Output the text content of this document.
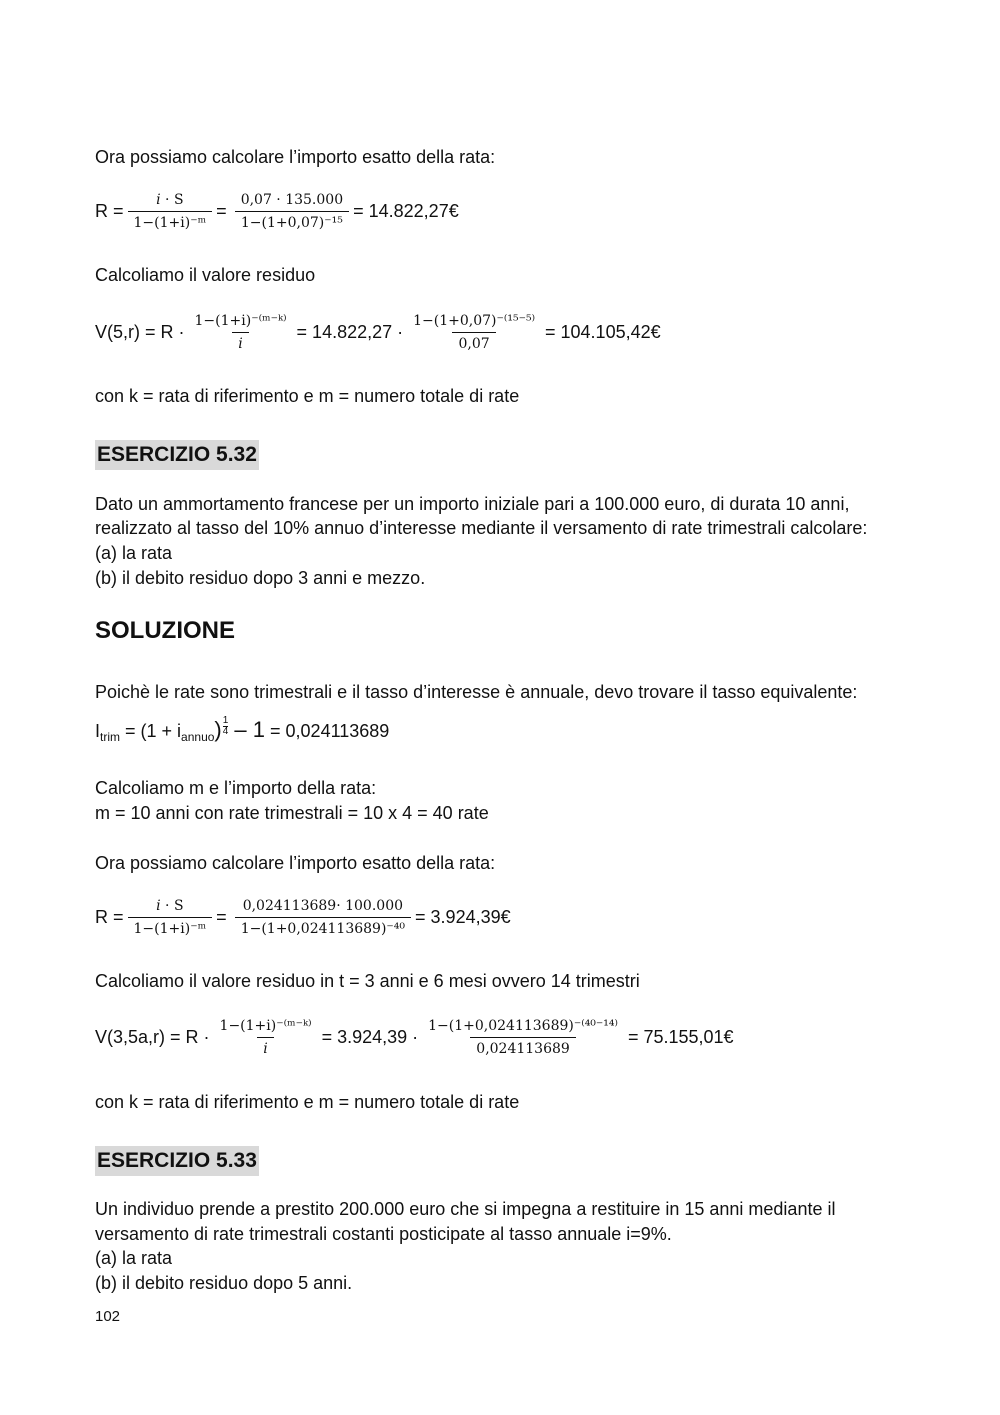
Ora possiamo calcolare l’importo esatto della rata:
$R = \frac{\text{𝑖 · S}}{\text{1−(1+i)⁻ᵐ}} = \frac{0,07 \cdot 135.000}{\text{1−(1+0,07)⁻¹⁵}}$ = 14.822,27€
Calcoliamo il valore residuo
$V(5,r) = R \cdot \frac{\text{1−(1+i)⁻⁽ᵐ⁻ᵏ⁾}}{\text{𝑖}} = 14.822,27 \cdot \frac{\text{1−(1+0,07)⁻⁽¹⁵⁻⁵⁾}}{0,07}$ = 104.105,42€
con k = rata di riferimento e m = numero totale di rate
ESERCIZIO 5.32
Dato un ammortamento francese per un importo iniziale pari a 100.000 euro, di durata 10 anni,
realizzato al tasso del 10% annuo d’interesse mediante il versamento di rate trimestrali calcolare:
(a) la rata
(b) il debito residuo dopo 3 anni e mezzo.
SOLUZIONE
Poichè le rate sono trimestrali e il tasso d’interesse è annuale, devo trovare il tasso equivalente:
$I_{trim} = (1 + i_{annuo}) \frac{1}{4} - 1 = 0,024113689$
Calcoliamo m e l’importo della rata:
m = 10 anni con rate trimestrali = 10 x 4 = 40 rate
Ora possiamo calcolare l’importo esatto della rata:
$R = \frac{\text{𝑖 · S}}{\text{1−(1+i)⁻ᵐ}} = \frac{0,024113689\cdot 100.000}{\text{1−(1+0,024113689)⁻⁴⁰}}$ = 3.924,39€
Calcoliamo il valore residuo in t = 3 anni e 6 mesi ovvero 14 trimestri
$V(3,5a,r) = R \cdot \frac{\text{1−(1+i)⁻⁽ᵐ⁻ᵏ⁾}}{\text{𝑖}} = 3.924,39 \cdot \frac{\text{1−(1+0,024113689)⁻⁽⁴⁰⁻¹⁴⁾}}{0,024113689}$ = 75.155,01€
con k = rata di riferimento e m = numero totale di rate
ESERCIZIO 5.33
Un individuo prende a prestito 200.000 euro che si impegna a restituire in 15 anni mediante il
versamento di rate trimestrali costanti posticipate al tasso annuale i=9%.
(a) la rata
(b) il debito residuo dopo 5 anni.
102
